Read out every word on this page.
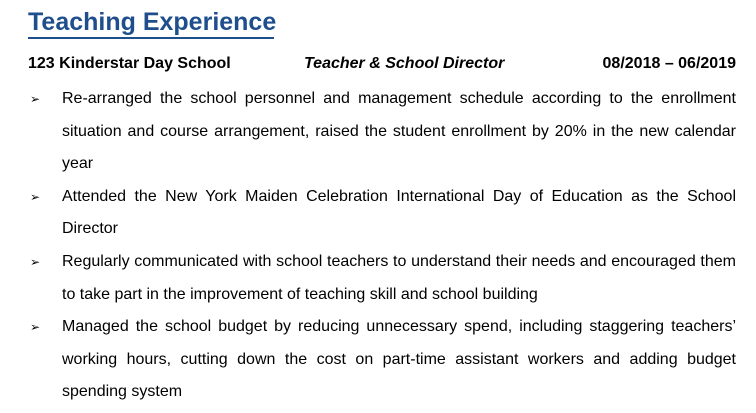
Teaching Experience
123 Kinderstar Day School	Teacher & School Director	08/2018 – 06/2019
➢ Re-arranged the school personnel and management schedule according to the enrollment situation and course arrangement, raised the student enrollment by 20% in the new calendar year
➢ Attended the New York Maiden Celebration International Day of Education as the School Director
➢ Regularly communicated with school teachers to understand their needs and encouraged them to take part in the improvement of teaching skill and school building
➢ Managed the school budget by reducing unnecessary spend, including staggering teachers’ working hours, cutting down the cost on part-time assistant workers and adding budget spending system
